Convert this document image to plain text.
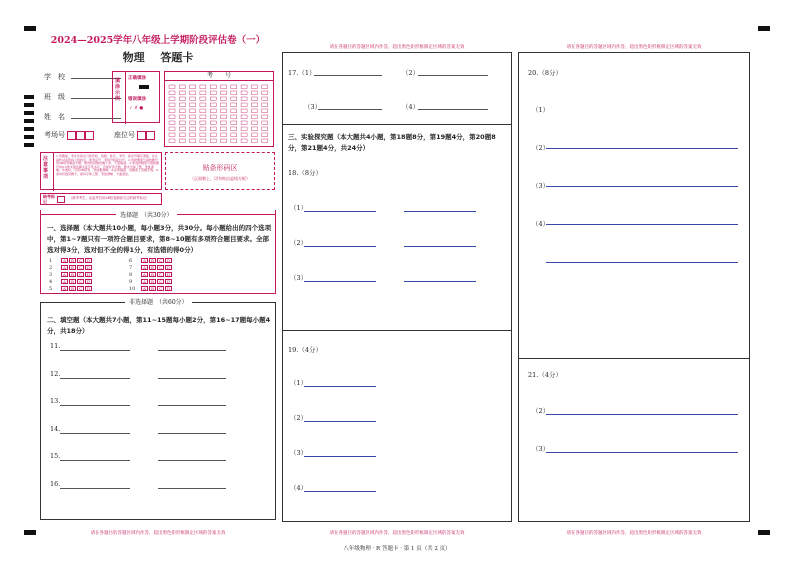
2024—2025学年八年级上学期阶段评估卷（一）
物理 答题卡
学　校
班　级
姓　名
考场号	座位号
填涂示例
正确填涂
错误填涂
✓ ✗ ●
考　　号
注意事项
1.答题前，考生先将自己的学校、班级、姓名、考号、座位号填写清楚，并认真核对条形码上的姓名、准考证号、考场号和座位号。2.选择题部分请按题号用2B铅笔填涂方框，修改时用橡皮擦干净，不留痕迹。3.非选择题部分请按题号用0.5毫米黑色墨水签字笔书写，否则作答无效。要求字体工整、笔迹清晰。作图时，可用2B铅笔，笔迹要清晰。4.在草稿纸、试题卷上答题无效。5.请勿折叠答题卡，保持字体工整、笔迹清晰、卡面清洁。
贴条形码区
（正面朝上，切勿贴出虚线方框）
缺考标记
（缺考考生，由监考员用2B铅笔填涂右边的缺考标记）
选择题　（共30分）
一、选择题（本大题共10小题，每小题3分，共30分。每小题给出的四个选项中，第1~7题只有一项符合题目要求，第8~10题有多项符合题目要求。全部选对得3分，选对但不全的得1分，有选错的得0分）
1	A B C D	6	A B C D
2	A B C D	7	A B C D
3	A B C D	8	A B C D
4	A B C D	9	A B C D
5	A B C D	10 A B C D
非选择题　（共60分）
二、填空题（本大题共7小题，第11~15题每小题2分，第16~17题每小题4分，共18分）
11.
12.
13.
14.
15.
16.
请在各题目的答题区域内作答，超出黑色矩形框限定区域的答案无效
请在各题目的答题区域内作答，超出黑色矩形框限定区域的答案无效
17.（1）	（2）
（3）	（4）
三、实验探究题（本大题共4小题，第18题8分，第19题4分，第20题8分，第21题4分，共24分）
18.（8分）
（1）
（2）
（3）
19.（4分）
（1）
（2）
（3）
（4）
请在各题目的答题区域内作答，超出黑色矩形框限定区域的答案无效
请在各题目的答题区域内作答，超出黑色矩形框限定区域的答案无效
20.（8分）
（1）
（2）
（3）
（4）
21.（4分）
（2）
（3）
请在各题目的答题区域内作答，超出黑色矩形框限定区域的答案无效
八年级物理 · R 答题卡 · 第 1 页（共 2 页）
